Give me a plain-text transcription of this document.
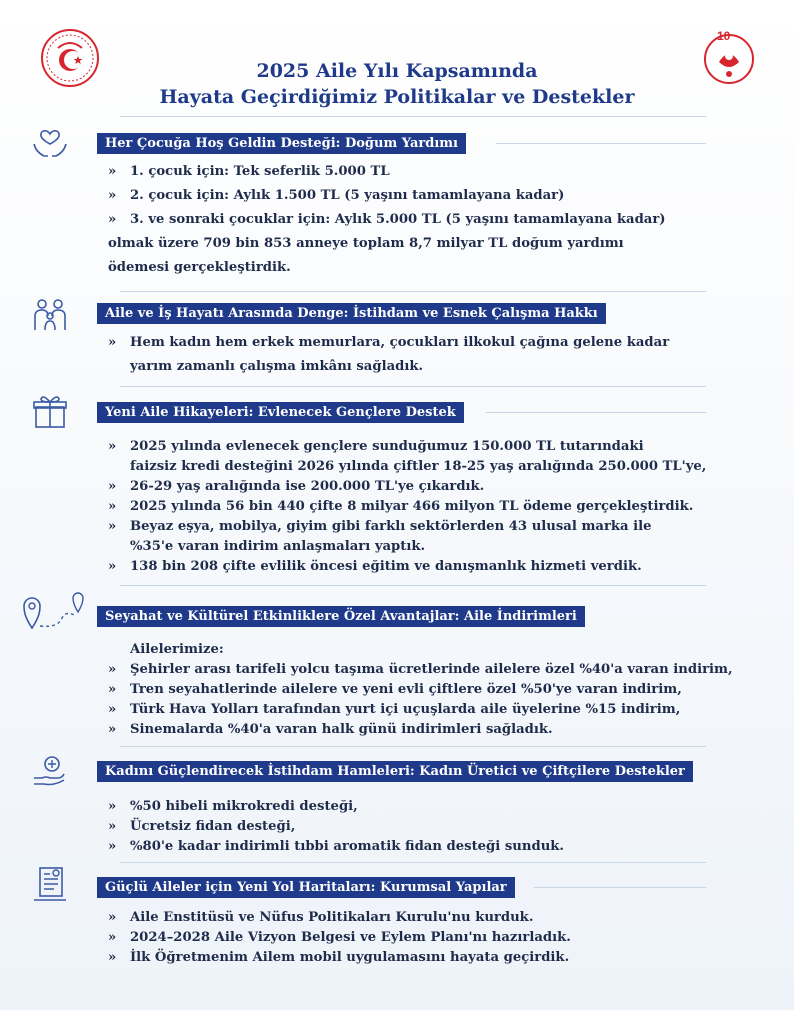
10
2025 Aile Yılı Kapsamında
Hayata Geçirdiğimiz Politikalar ve Destekler
Her Çocuğa Hoş Geldin Desteği: Doğum Yardımı
» 1. çocuk için: Tek seferlik 5.000 TL
» 2. çocuk için: Aylık 1.500 TL (5 yaşını tamamlayana kadar)
» 3. ve sonraki çocuklar için: Aylık 5.000 TL (5 yaşını tamamlayana kadar)
olmak üzere 709 bin 853 anneye toplam 8,7 milyar TL doğum yardımı
ödemesi gerçekleştirdik.
Aile ve İş Hayatı Arasında Denge: İstihdam ve Esnek Çalışma Hakkı
» Hem kadın hem erkek memurlara, çocukları ilkokul çağına gelene kadar
yarım zamanlı çalışma imkânı sağladık.
Yeni Aile Hikayeleri: Evlenecek Gençlere Destek
» 2025 yılında evlenecek gençlere sunduğumuz 150.000 TL tutarındaki
faizsiz kredi desteğini 2026 yılında çiftler 18-25 yaş aralığında 250.000 TL'ye,
» 26-29 yaş aralığında ise 200.000 TL'ye çıkardık.
» 2025 yılında 56 bin 440 çifte 8 milyar 466 milyon TL ödeme gerçekleştirdik.
» Beyaz eşya, mobilya, giyim gibi farklı sektörlerden 43 ulusal marka ile
%35'e varan indirim anlaşmaları yaptık.
» 138 bin 208 çifte evlilik öncesi eğitim ve danışmanlık hizmeti verdik.
Seyahat ve Kültürel Etkinliklere Özel Avantajlar: Aile İndirimleri
Ailelerimize:
» Şehirler arası tarifeli yolcu taşıma ücretlerinde ailelere özel %40'a varan indirim,
» Tren seyahatlerinde ailelere ve yeni evli çiftlere özel %50'ye varan indirim,
» Türk Hava Yolları tarafından yurt içi uçuşlarda aile üyelerine %15 indirim,
» Sinemalarda %40'a varan halk günü indirimleri sağladık.
Kadını Güçlendirecek İstihdam Hamleleri: Kadın Üretici ve Çiftçilere Destekler
» %50 hibeli mikrokredi desteği,
» Ücretsiz fidan desteği,
» %80'e kadar indirimli tıbbi aromatik fidan desteği sunduk.
Güçlü Aileler için Yeni Yol Haritaları: Kurumsal Yapılar
» Aile Enstitüsü ve Nüfus Politikaları Kurulu'nu kurduk.
» 2024–2028 Aile Vizyon Belgesi ve Eylem Planı'nı hazırladık.
» İlk Öğretmenim Ailem mobil uygulamasını hayata geçirdik.
